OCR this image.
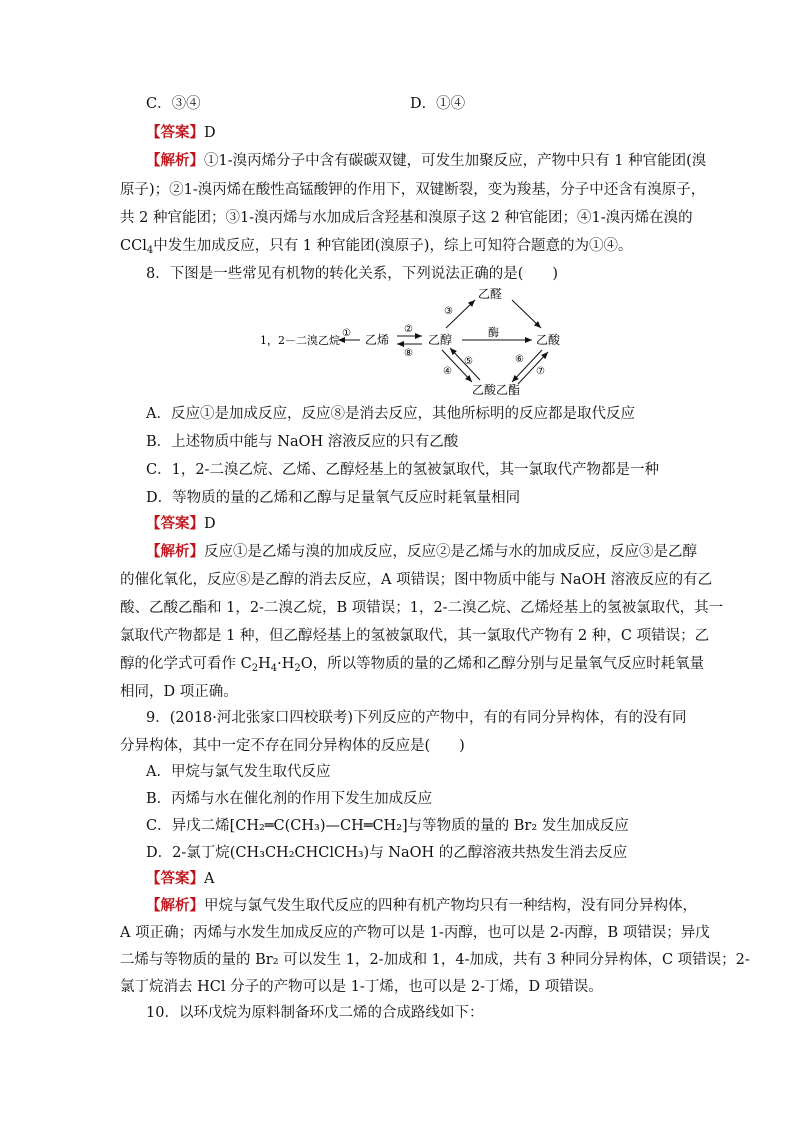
C．③④	D．①④
【答案】D
【解析】①1-溴丙烯分子中含有碳碳双键，可发生加聚反应，产物中只有 1 种官能团(溴
原子)；②1-溴丙烯在酸性高锰酸钾的作用下，双键断裂，变为羧基，分子中还含有溴原子，
共 2 种官能团；③1-溴丙烯与水加成后含羟基和溴原子这 2 种官能团；④1-溴丙烯在溴的
CCl$_4$中发生加成反应，只有 1 种官能团(溴原子)，综上可知符合题意的为①④。
8．下图是一些常见有机物的转化关系，下列说法正确的是(　　)
1，2－二溴乙烷
① 乙烯
②
⑧
乙醇
③
乙醛
酶
乙酸
④
⑤	⑥
⑦
乙酸乙酯
A．反应①是加成反应，反应⑧是消去反应，其他所标明的反应都是取代反应
B．上述物质中能与 NaOH 溶液反应的只有乙酸
C．1，2-二溴乙烷、乙烯、乙醇烃基上的氢被氯取代，其一氯取代产物都是一种
D．等物质的量的乙烯和乙醇与足量氧气反应时耗氧量相同
【答案】D
【解析】反应①是乙烯与溴的加成反应，反应②是乙烯与水的加成反应，反应③是乙醇
的催化氧化，反应⑧是乙醇的消去反应，A 项错误；图中物质中能与 NaOH 溶液反应的有乙
酸、乙酸乙酯和 1，2-二溴乙烷，B 项错误；1，2-二溴乙烷、乙烯烃基上的氢被氯取代，其一
氯取代产物都是 1 种，但乙醇烃基上的氢被氯取代，其一氯取代产物有 2 种，C 项错误；乙
醇的化学式可看作 $C_2H_4\cdot H_2O$，所以等物质的量的乙烯和乙醇分别与足量氧气反应时耗氧量
相同，D 项正确。
9．(2018·河北张家口四校联考)下列反应的产物中，有的有同分异构体，有的没有同
分异构体，其中一定不存在同分异构体的反应是(　　)
A．甲烷与氯气发生取代反应
B．丙烯与水在催化剂的作用下发生加成反应
C．异戊二烯[CH₂═C(CH₃)—CH═CH₂]与等物质的量的 Br₂ 发生加成反应
D．2-氯丁烷(CH₃CH₂CHClCH₃)与 NaOH 的乙醇溶液共热发生消去反应
【答案】A
【解析】甲烷与氯气发生取代反应的四种有机产物均只有一种结构，没有同分异构体，
A 项正确；丙烯与水发生加成反应的产物可以是 1-丙醇，也可以是 2-丙醇，B 项错误；异戊
二烯与等物质的量的 Br₂ 可以发生 1，2-加成和 1，4-加成，共有 3 种同分异构体，C 项错误；2-
氯丁烷消去 HCl 分子的产物可以是 1-丁烯，也可以是 2-丁烯，D 项错误。
10．以环戊烷为原料制备环戊二烯的合成路线如下：
